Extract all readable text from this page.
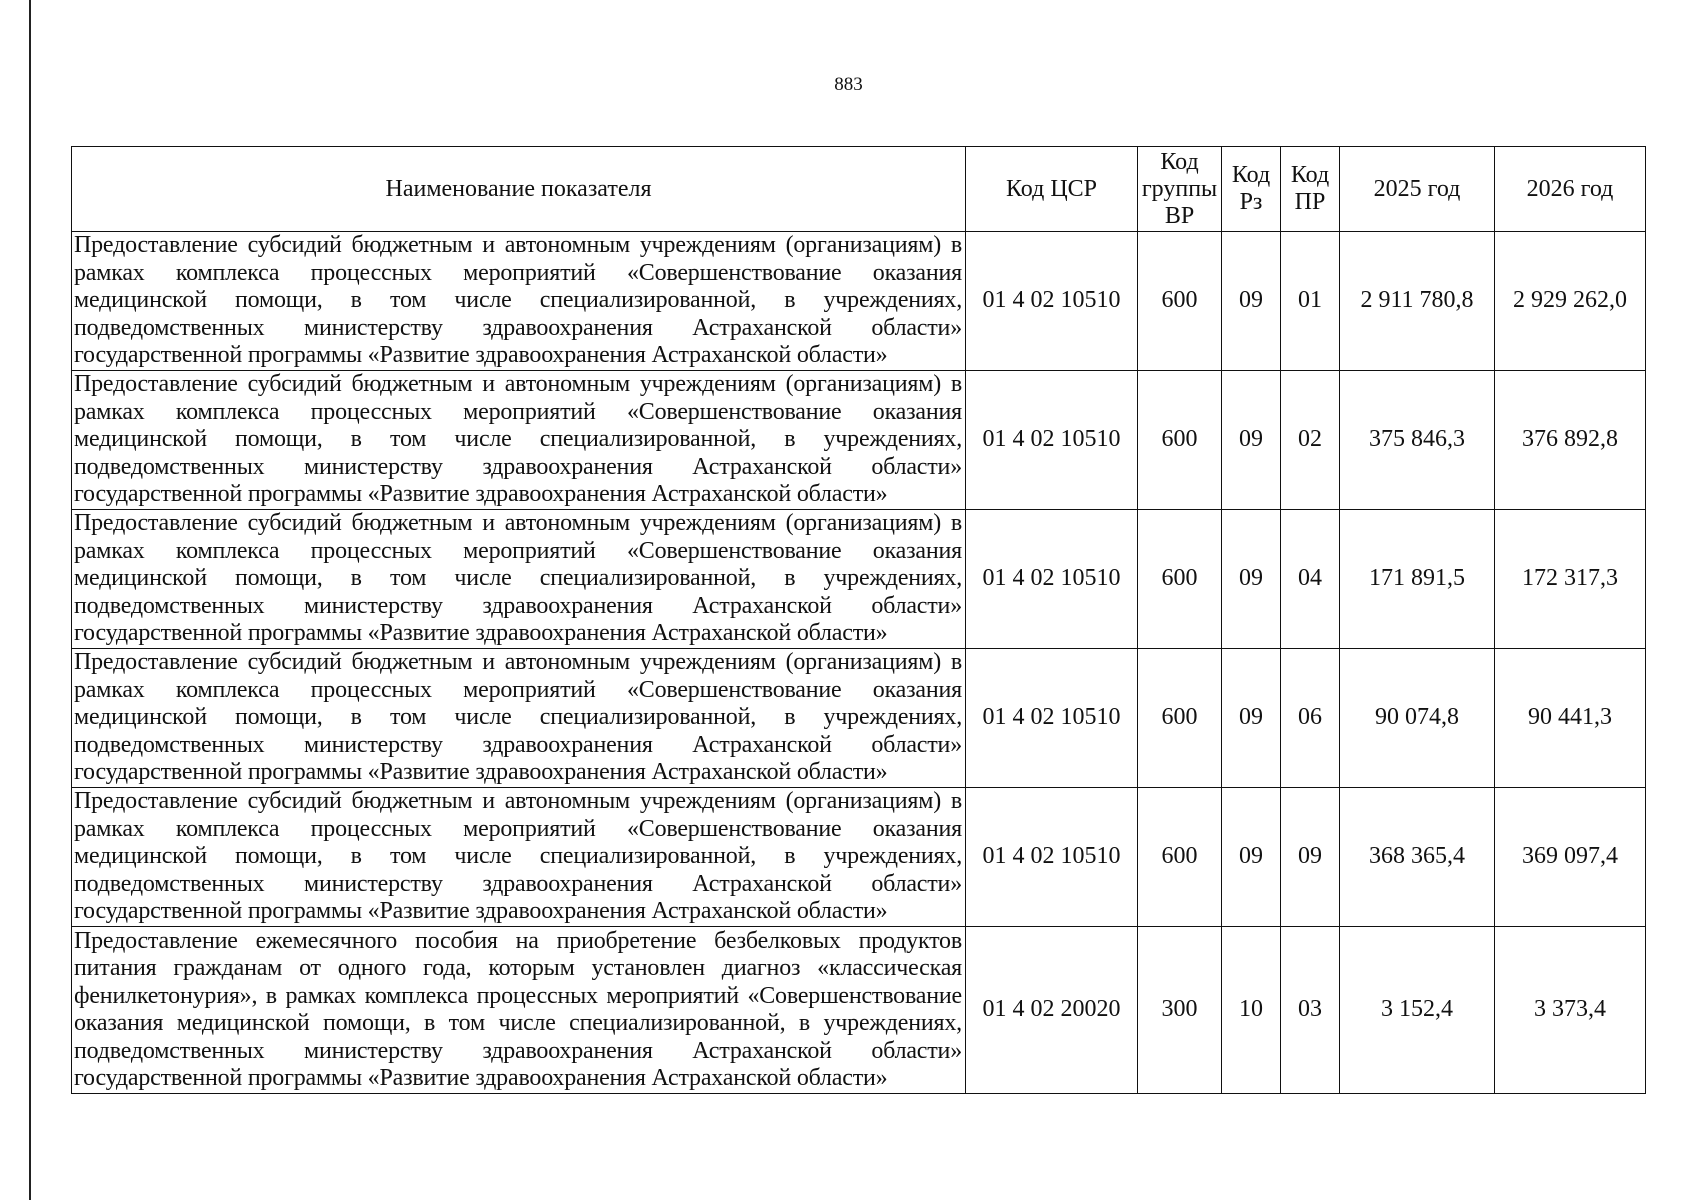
883
Наименование показателя	Код ЦСР	Код группы ВР	Код Рз	Код ПР	2025 год	2026 год
Предоставление субсидий бюджетным и автономным учреждениям (организациям) в рамках комплекса процессных мероприятий «Совершенствование оказания медицинской помощи, в том числе специализированной, в учреждениях, подведомственных министерству здравоохранения Астраханской области» государственной программы «Развитие здравоохранения Астраханской области»	01 4 02 10510	600	09	01	2 911 780,8	2 929 262,0
Предоставление субсидий бюджетным и автономным учреждениям (организациям) в рамках комплекса процессных мероприятий «Совершенствование оказания медицинской помощи, в том числе специализированной, в учреждениях, подведомственных министерству здравоохранения Астраханской области» государственной программы «Развитие здравоохранения Астраханской области»	01 4 02 10510	600	09	02	375 846,3	376 892,8
Предоставление субсидий бюджетным и автономным учреждениям (организациям) в рамках комплекса процессных мероприятий «Совершенствование оказания медицинской помощи, в том числе специализированной, в учреждениях, подведомственных министерству здравоохранения Астраханской области» государственной программы «Развитие здравоохранения Астраханской области»	01 4 02 10510	600	09	04	171 891,5	172 317,3
Предоставление субсидий бюджетным и автономным учреждениям (организациям) в рамках комплекса процессных мероприятий «Совершенствование оказания медицинской помощи, в том числе специализированной, в учреждениях, подведомственных министерству здравоохранения Астраханской области» государственной программы «Развитие здравоохранения Астраханской области»	01 4 02 10510	600	09	06	90 074,8	90 441,3
Предоставление субсидий бюджетным и автономным учреждениям (организациям) в рамках комплекса процессных мероприятий «Совершенствование оказания медицинской помощи, в том числе специализированной, в учреждениях, подведомственных министерству здравоохранения Астраханской области» государственной программы «Развитие здравоохранения Астраханской области»	01 4 02 10510	600	09	09	368 365,4	369 097,4
Предоставление ежемесячного пособия на приобретение безбелковых продуктов питания гражданам от одного года, которым установлен диагноз «классическая фенилкетонурия», в рамках комплекса процессных мероприятий «Совершенствование оказания медицинской помощи, в том числе специализированной, в учреждениях, подведомственных министерству здравоохранения Астраханской области» государственной программы «Развитие здравоохранения Астраханской области»	01 4 02 20020	300	10	03	3 152,4	3 373,4
